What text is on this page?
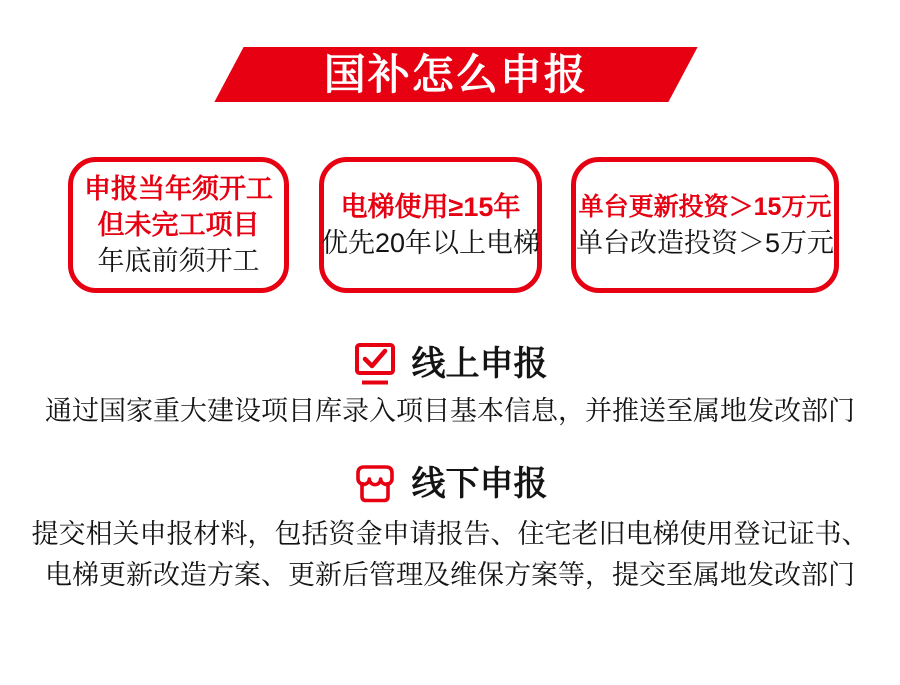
国补怎么申报
申报当年须开工
但未完工项目
年底前须开工
电梯使用≥15年
优先20年以上电梯
单台更新投资＞15万元
单台改造投资＞5万元
线上申报
通过国家重大建设项目库录入项目基本信息，并推送至属地发改部门
线下申报
提交相关申报材料，包括资金申请报告、住宅老旧电梯使用登记证书、
电梯更新改造方案、更新后管理及维保方案等，提交至属地发改部门
